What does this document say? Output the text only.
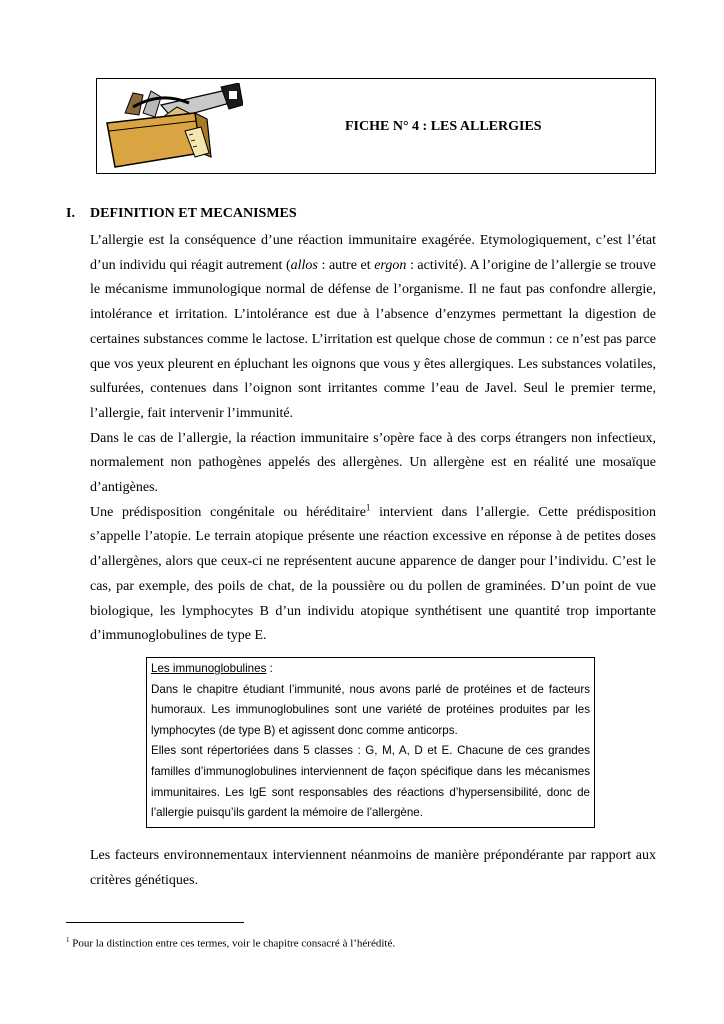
FICHE N° 4 : LES ALLERGIES
I. DEFINITION ET MECANISMES

L’allergie est la conséquence d’une réaction immunitaire exagérée. Etymologiquement, c’est l’état d’un individu qui réagit autrement (allos : autre et ergon : activité). A l’origine de l’allergie se trouve le mécanisme immunologique normal de défense de l’organisme. Il ne faut pas confondre allergie, intolérance et irritation. L’intolérance est due à l’absence d’enzymes permettant la digestion de certaines substances comme le lactose. L’irritation est quelque chose de commun : ce n’est pas parce que vos yeux pleurent en épluchant les oignons que vous y êtes allergiques. Les substances volatiles, sulfurées, contenues dans l’oignon sont irritantes comme l’eau de Javel. Seul le premier terme, l’allergie, fait intervenir l’immunité.

Dans le cas de l’allergie, la réaction immunitaire s’opère face à des corps étrangers non infectieux, normalement non pathogènes appelés des allergènes. Un allergène est en réalité une mosaïque d’antigènes.

Une prédisposition congénitale ou héréditaire$^1$ intervient dans l’allergie. Cette prédisposition s’appelle l’atopie. Le terrain atopique présente une réaction excessive en réponse à de petites doses d’allergènes, alors que ceux-ci ne représentent aucune apparence de danger pour l’individu. C’est le cas, par exemple, des poils de chat, de la poussière ou du pollen de graminées. D’un point de vue biologique, les lymphocytes B d’un individu atopique synthétisent une quantité trop importante d’immunoglobulines de type E.

Les immunoglobulines :

Dans le chapitre étudiant l’immunité, nous avons parlé de protéines et de facteurs humoraux. Les immunoglobulines sont une variété de protéines produites par les lymphocytes (de type B) et agissent donc comme anticorps.

Elles sont répertoriées dans 5 classes : G, M, A, D et E. Chacune de ces grandes familles d’immunoglobulines interviennent de façon spécifique dans les mécanismes immunitaires. Les IgE sont responsables des réactions d’hypersensibilité, donc de l’allergie puisqu’ils gardent la mémoire de l’allergène.

Les facteurs environnementaux interviennent néanmoins de manière prépondérante par rapport aux critères génétiques.

$^1$ Pour la distinction entre ces termes, voir le chapitre consacré à l’hérédité.
